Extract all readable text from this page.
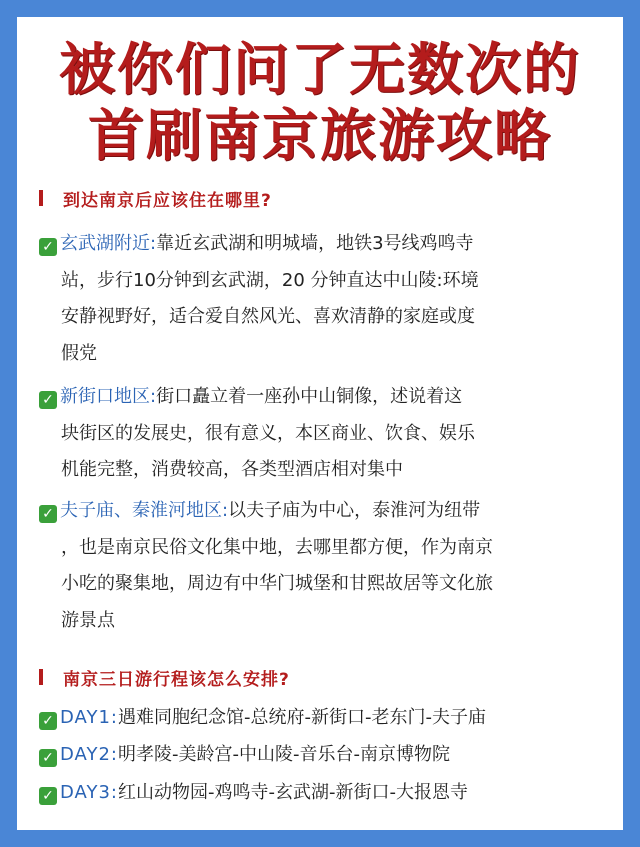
被你们问了无数次的
首刷南京旅游攻略
到达南京后应该住在哪里?
✓ 玄武湖附近:靠近玄武湖和明城墙，地铁3号线鸡鸣寺
站，步行10分钟到玄武湖，20 分钟直达中山陵:环境
安静视野好，适合爱自然风光、喜欢清静的家庭或度
假党
✓ 新街口地区:街口矗立着一座孙中山铜像，述说着这
块街区的发展史，很有意义，本区商业、饮食、娱乐
机能完整，消费较高，各类型酒店相对集中
✓ 夫子庙、秦淮河地区:以夫子庙为中心，泰淮河为纽带
，也是南京民俗文化集中地，去哪里都方便，作为南京
小吃的聚集地，周边有中华门城堡和甘熙故居等文化旅
游景点
南京三日游行程该怎么安排?
✓ DAY1:遇难同胞纪念馆-总统府-新街口-老东门-夫子庙
✓ DAY2:明孝陵-美龄宫-中山陵-音乐台-南京博物院
✓ DAY3:红山动物园-鸡鸣寺-玄武湖-新街口-大报恩寺
